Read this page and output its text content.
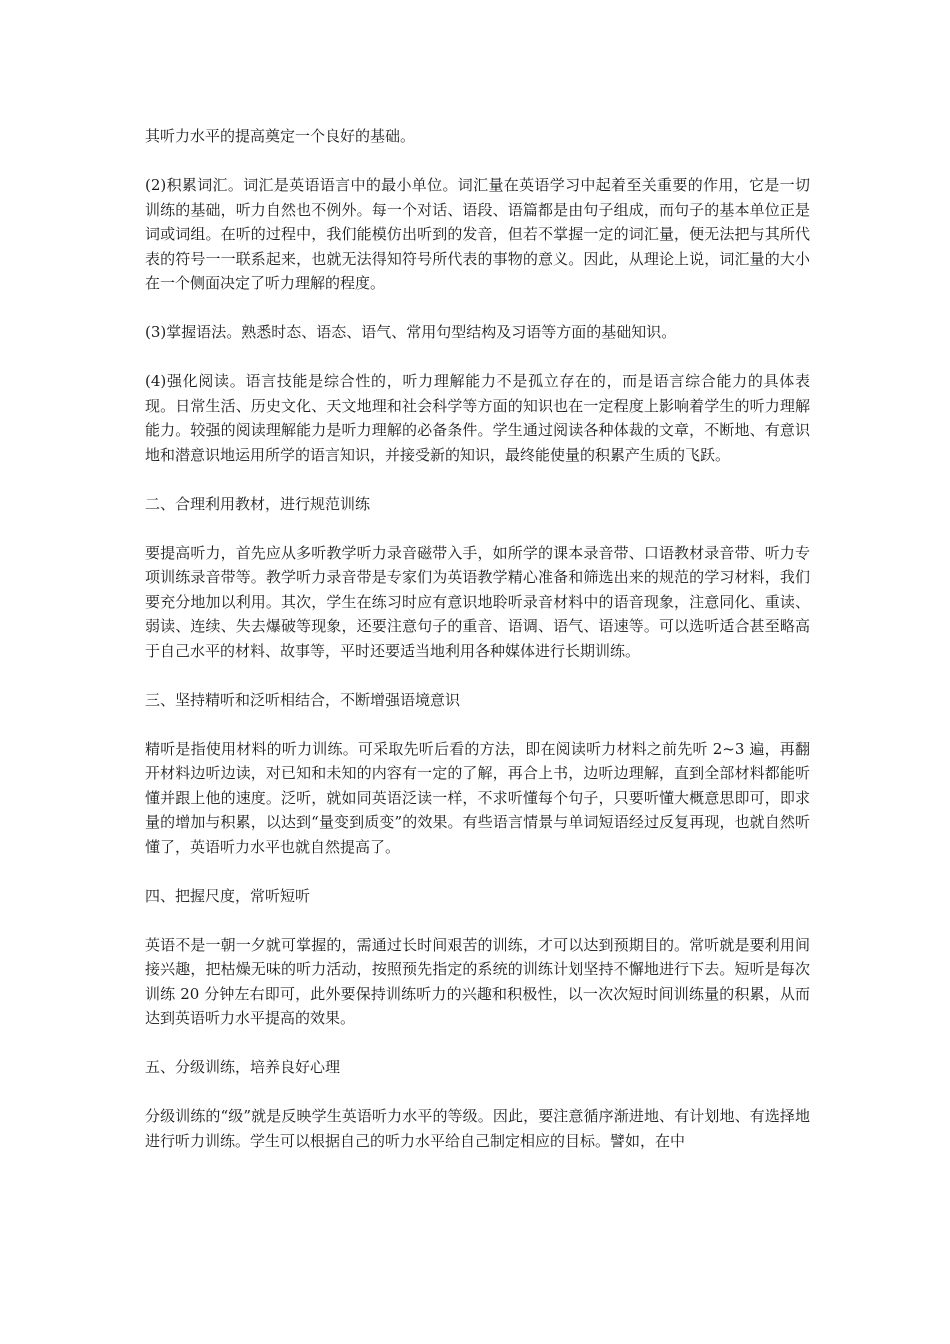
其听力水平的提高奠定一个良好的基础。

(2)积累词汇。词汇是英语语言中的最小单位。词汇量在英语学习中起着至关重要的作用，它是一切训练的基础，听力自然也不例外。每一个对话、语段、语篇都是由句子组成，而句子的基本单位正是词或词组。在听的过程中，我们能模仿出听到的发音，但若不掌握一定的词汇量，便无法把与其所代表的符号一一联系起来，也就无法得知符号所代表的事物的意义。因此，从理论上说，词汇量的大小在一个侧面决定了听力理解的程度。

(3)掌握语法。熟悉时态、语态、语气、常用句型结构及习语等方面的基础知识。

(4)强化阅读。语言技能是综合性的，听力理解能力不是孤立存在的，而是语言综合能力的具体表现。日常生活、历史文化、天文地理和社会科学等方面的知识也在一定程度上影响着学生的听力理解能力。较强的阅读理解能力是听力理解的必备条件。学生通过阅读各种体裁的文章，不断地、有意识地和潜意识地运用所学的语言知识，并接受新的知识，最终能使量的积累产生质的飞跃。

二、合理利用教材，进行规范训练

要提高听力，首先应从多听教学听力录音磁带入手，如所学的课本录音带、口语教材录音带、听力专项训练录音带等。教学听力录音带是专家们为英语教学精心准备和筛选出来的规范的学习材料，我们要充分地加以利用。其次，学生在练习时应有意识地聆听录音材料中的语音现象，注意同化、重读、弱读、连续、失去爆破等现象，还要注意句子的重音、语调、语气、语速等。可以选听适合甚至略高于自己水平的材料、故事等，平时还要适当地利用各种媒体进行长期训练。

三、坚持精听和泛听相结合，不断增强语境意识

精听是指使用材料的听力训练。可采取先听后看的方法，即在阅读听力材料之前先听 2~3 遍，再翻开材料边听边读，对已知和未知的内容有一定的了解，再合上书，边听边理解，直到全部材料都能听懂并跟上他的速度。泛听，就如同英语泛读一样，不求听懂每个句子，只要听懂大概意思即可，即求量的增加与积累，以达到“量变到质变”的效果。有些语言情景与单词短语经过反复再现，也就自然听懂了，英语听力水平也就自然提高了。

四、把握尺度，常听短听

英语不是一朝一夕就可掌握的，需通过长时间艰苦的训练，才可以达到预期目的。常听就是要利用间接兴趣，把枯燥无味的听力活动，按照预先指定的系统的训练计划坚持不懈地进行下去。短听是每次训练 20 分钟左右即可，此外要保持训练听力的兴趣和积极性，以一次次短时间训练量的积累，从而达到英语听力水平提高的效果。

五、分级训练，培养良好心理

分级训练的“级”就是反映学生英语听力水平的等级。因此，要注意循序渐进地、有计划地、有选择地进行听力训练。学生可以根据自己的听力水平给自己制定相应的目标。譬如，在中
